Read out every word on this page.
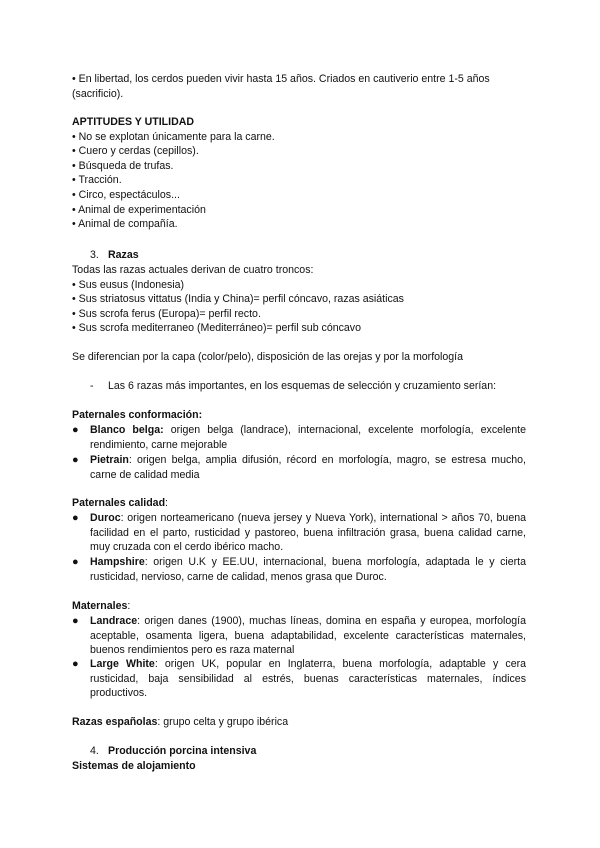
• En libertad, los cerdos pueden vivir hasta 15 años. Criados en cautiverio entre 1-5 años
(sacrificio).
APTITUDES Y UTILIDAD
• No se explotan únicamente para la carne.
• Cuero y cerdas (cepillos).
• Búsqueda de trufas.
• Tracción.
• Circo, espectáculos...
• Animal de experimentación
• Animal de compañía.
3. Razas
Todas las razas actuales derivan de cuatro troncos:
• Sus eusus (Indonesia)
• Sus striatosus vittatus (India y China)= perfil cóncavo, razas asiáticas
• Sus scrofa ferus (Europa)= perfil recto.
• Sus scrofa mediterraneo (Mediterráneo)= perfil sub cóncavo
Se diferencian por la capa (color/pelo), disposición de las orejas y por la morfología
- Las 6 razas más importantes, en los esquemas de selección y cruzamiento serían:
Paternales conformación:
● Blanco belga: origen belga (landrace), internacional, excelente morfología, excelente rendimiento, carne mejorable

● Pietrain: origen belga, amplia difusión, récord en morfología, magro, se estresa mucho, carne de calidad media

Paternales calidad:
● Duroc: origen norteamericano (nueva jersey y Nueva York), international > años 70, buena facilidad en el parto, rusticidad y pastoreo, buena infiltración grasa, buena calidad carne, muy cruzada con el cerdo ibérico macho.

● Hampshire: origen U.K y EE.UU, internacional, buena morfología, adaptada le y cierta rusticidad, nervioso, carne de calidad, menos grasa que Duroc.

Maternales:
● Landrace: origen danes (1900), muchas líneas, domina en españa y europea, morfología aceptable, osamenta ligera, buena adaptabilidad, excelente características maternales, buenos rendimientos pero es raza maternal

● Large White: origen UK, popular en Inglaterra, buena morfología, adaptable y cera rusticidad, baja sensibilidad al estrés, buenas características maternales, índices productivos.

Razas españolas: grupo celta y grupo ibérica
4. Producción porcina intensiva
Sistemas de alojamiento
